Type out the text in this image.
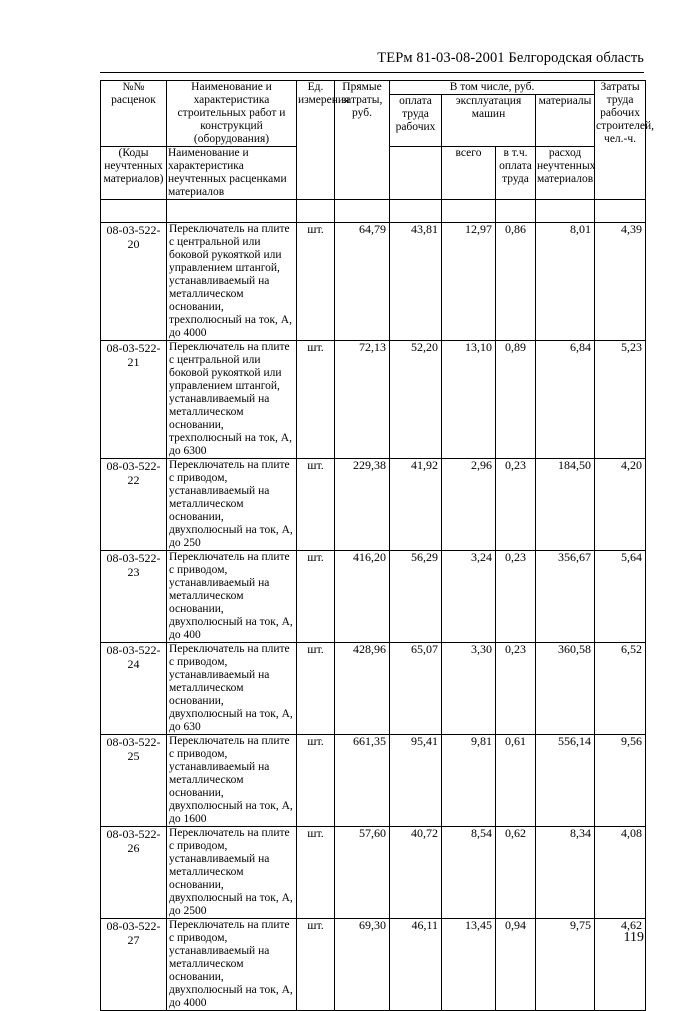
ТЕРм 81-03-08-2001 Белгородская область
№№ расценок	Наименование и характеристика строительных работ и конструкций (оборудования)	Ед. измерения	Прямые затраты, руб.	В том числе, руб.				Затраты труда рабочих строителей, чел.-ч.
				оплата труда рабочих	эксплуатация машин		материалы	
(Коды неучтенных материалов)	Наименование и характеристика неучтенных расценками материалов				всего	в т.ч. оплата труда	расход неучтенных материалов	

08-03-522-20	Переключатель на плите с центральной или боковой рукояткой или управлением штангой, устанавливаемый на металлическом основании, трехполюсный на ток, А, до 4000	шт.	64,79	43,81	12,97	0,86	8,01	4,39
08-03-522-21	Переключатель на плите с центральной или боковой рукояткой или управлением штангой, устанавливаемый на металлическом основании, трехполюсный на ток, А, до 6300	шт.	72,13	52,20	13,10	0,89	6,84	5,23
08-03-522-22	Переключатель на плите с приводом, устанавливаемый на металлическом основании, двухполюсный на ток, А, до 250	шт.	229,38	41,92	2,96	0,23	184,50	4,20
08-03-522-23	Переключатель на плите с приводом, устанавливаемый на металлическом основании, двухполюсный на ток, А, до 400	шт.	416,20	56,29	3,24	0,23	356,67	5,64
08-03-522-24	Переключатель на плите с приводом, устанавливаемый на металлическом основании, двухполюсный на ток, А, до 630	шт.	428,96	65,07	3,30	0,23	360,58	6,52
08-03-522-25	Переключатель на плите с приводом, устанавливаемый на металлическом основании, двухполюсный на ток, А, до 1600	шт.	661,35	95,41	9,81	0,61	556,14	9,56
08-03-522-26	Переключатель на плите с приводом, устанавливаемый на металлическом основании, двухполюсный на ток, А, до 2500	шт.	57,60	40,72	8,54	0,62	8,34	4,08
08-03-522-27	Переключатель на плите с приводом, устанавливаемый на металлическом основании, двухполюсный на ток, А, до 4000	шт.	69,30	46,11	13,45	0,94	9,75	4,62
119
